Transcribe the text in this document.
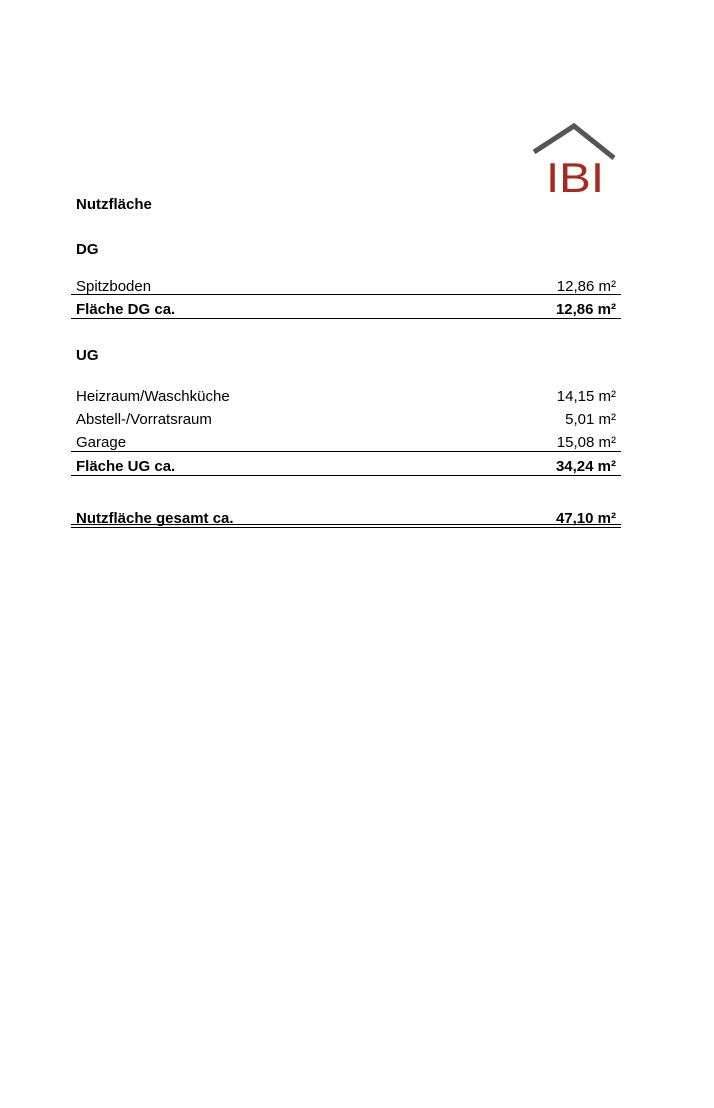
IBI
Nutzfläche
DG
Spitzboden	12,86 m²
Fläche DG ca.	12,86 m²
UG
Heizraum/Waschküche	14,15 m²
Abstell-/Vorratsraum	5,01 m²
Garage	15,08 m²
Fläche UG ca.	34,24 m²
Nutzfläche gesamt ca.	47,10 m²
